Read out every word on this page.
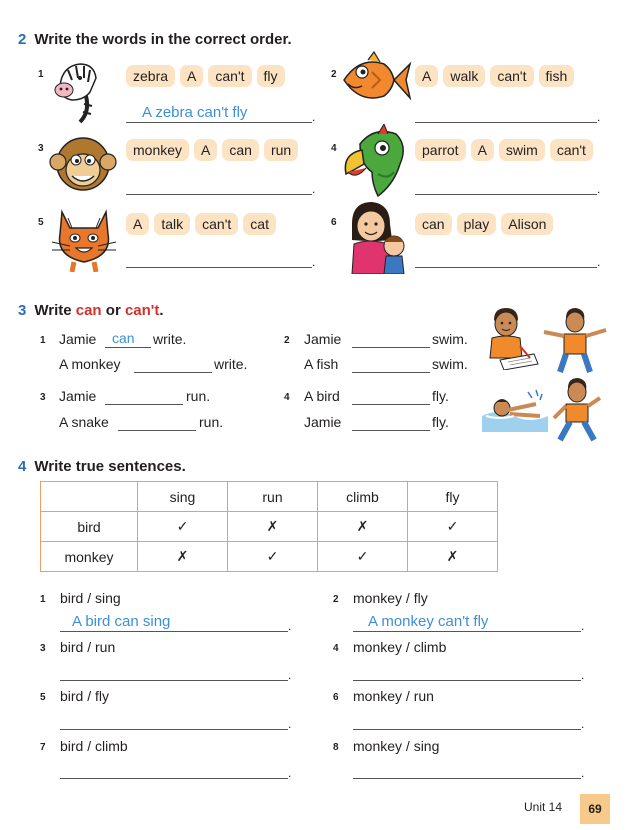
2 Write the words in the correct order.
1	zebra	A	can't	fly
A zebra can't fly	.
2	A	walk	can't	fish
.
3	monkey	A	can	run
.
4	parrot	A	swim	can't
.
5	A	talk	can't	cat
.
6	can	play	Alison
.
3 Write can or can't.
1 Jamie can write.
A monkey	write.
2 Jamie	swim.
A fish	swim.
3 Jamie	run.
A snake	run.
4 A bird	fly.
Jamie	fly.
4 Write true sentences.
	sing	run	climb	fly
bird	✓	✗	✗	✓
monkey	✗	✓	✓	✗
1 bird / sing
A bird can sing	.
3 bird / run
.
5 bird / fly
.
7 bird / climb
.
2 monkey / fly
A monkey can't fly	.
4 monkey / climb
.
6 monkey / run
.
8 monkey / sing
.
Unit 14	69
